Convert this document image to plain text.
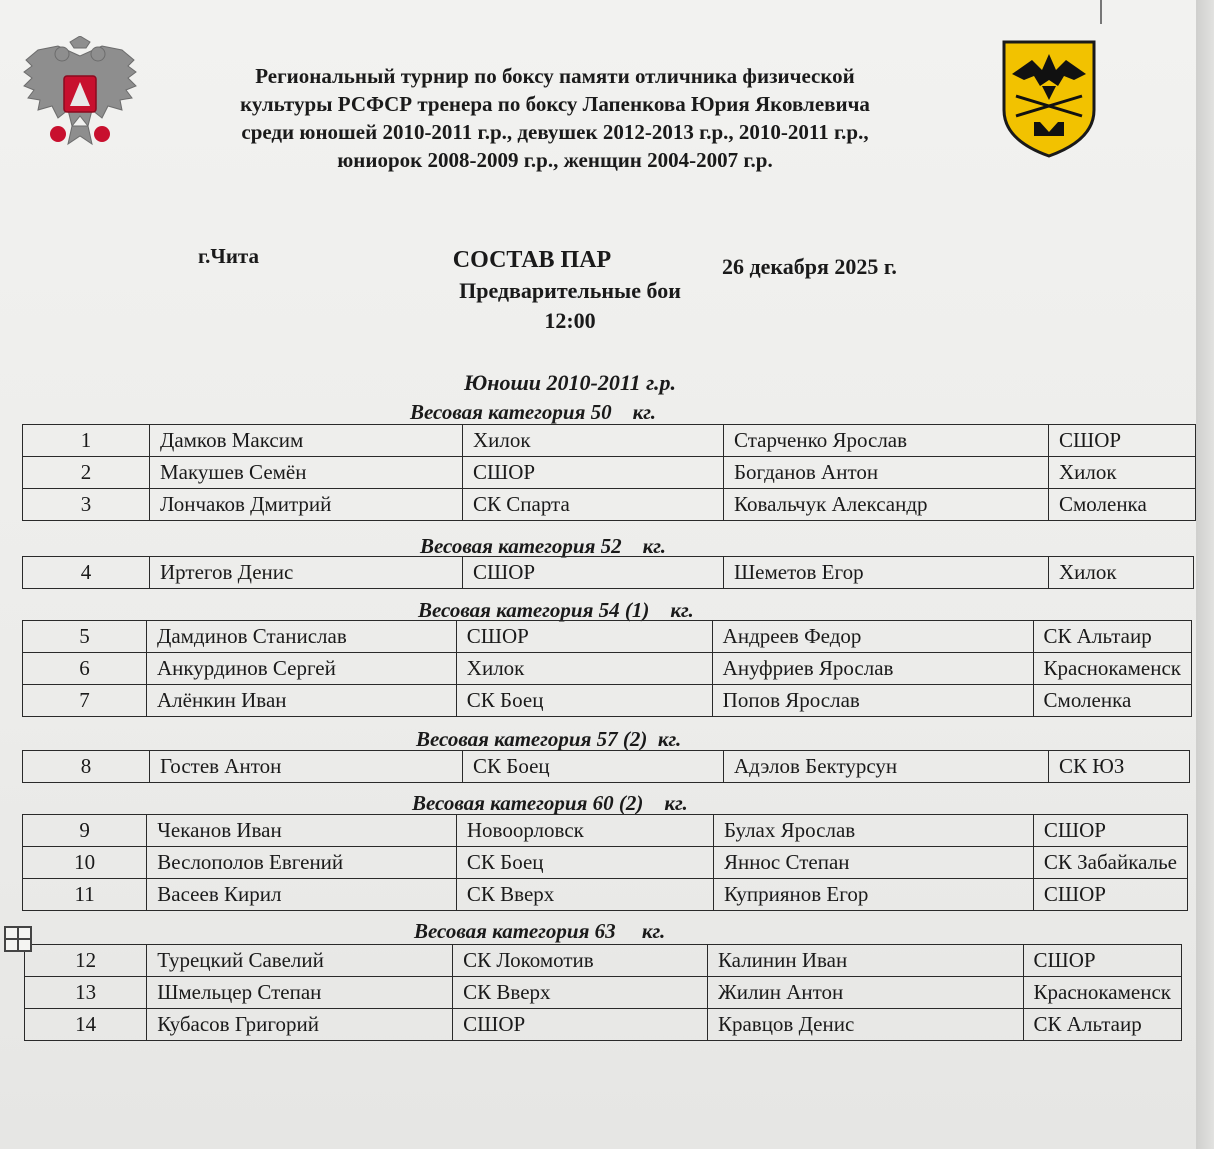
Региональный турнир по боксу памяти отличника физической
культуры РСФСР тренера по боксу Лапенкова Юрия Яковлевича
среди юношей 2010-2011 г.р., девушек 2012-2013 г.р., 2010-2011 г.р.,
юниорок 2008-2009 г.р., женщин 2004-2007 г.р.
г.Чита	26 декабря 2025 г.
СОСТАВ ПАР
Предварительные бои
12:00
Юноши 2010-2011 г.р.
Весовая категория 50    кг.
1	Дамков Максим	Хилок	Старченко Ярослав	СШОР
2	Макушев Семён	СШОР	Богданов Антон	Хилок
3	Лончаков Дмитрий	СК Спарта	Ковальчук Александр	Смоленка
Весовая категория 52    кг.
4	Иртегов Денис	СШОР	Шеметов Егор	Хилок
Весовая категория 54 (1)    кг.
5	Дамдинов Станислав	СШОР	Андреев Федор	СК Альтаир
6	Анкурдинов Сергей	Хилок	Ануфриев Ярослав	Краснокаменск
7	Алёнкин Иван	СК Боец	Попов Ярослав	Смоленка
Весовая категория 57 (2)  кг.
8	Гостев Антон	СК Боец	Адэлов Бектурсун	СК ЮЗ
Весовая категория 60 (2)    кг.
9	Чеканов Иван	Новоорловск	Булах Ярослав	СШОР
10	Веслополов Евгений	СК Боец	Янноc Степан	СК Забайкалье
11	Васеев Кирил	СК Вверх	Куприянов Егор	СШОР
Весовая категория 63     кг.
12	Турецкий Савелий	СК Локомотив	Калинин Иван	СШОР
13	Шмельцер Степан	СК Вверх	Жилин Антон	Краснокаменск
14	Кубасов Григорий	СШОР	Кравцов Денис	СК Альтаир
